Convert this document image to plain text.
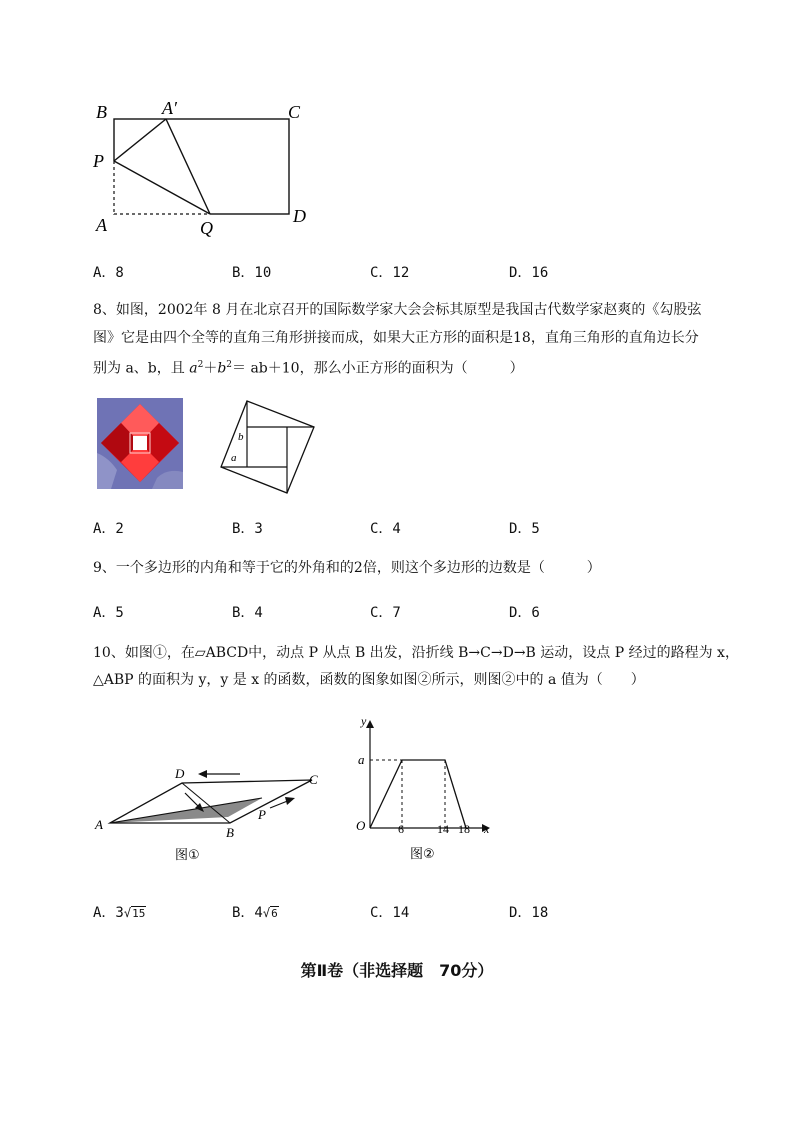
B	A′	C
P
A	Q
D
A．8	B．10	C．12	D．16
8、如图，2002年 8 月在北京召开的国际数学家大会会标其原型是我国古代数学家赵爽的《勾股弦
图》它是由四个全等的直角三角形拼接而成，如果大正方形的面积是18，直角三角形的直角边长分
别为 a、b，且 $a^2+b^2= ab+10$，那么小正方形的面积为（　　　）
b
a
A．2	B．3	C．4	D．5
9、一个多边形的内角和等于它的外角和的2倍，则这个多边形的边数是（　　　）
A．5	B．4	C．7	D．6
10、如图①，在▱ABCD中，动点 P 从点 B 出发，沿折线 B→C→D→B 运动，设点 P 经过的路程为 x，
△ABP 的面积为 y，y 是 x 的函数，函数的图象如图②所示，则图②中的 a 值为（　　）
D	C
A
B
P
图①
y
a
O	6	14 18 x
图②
A．3√15	B．4√6	C．14	D．18
第Ⅱ卷（非选择题　70分）
